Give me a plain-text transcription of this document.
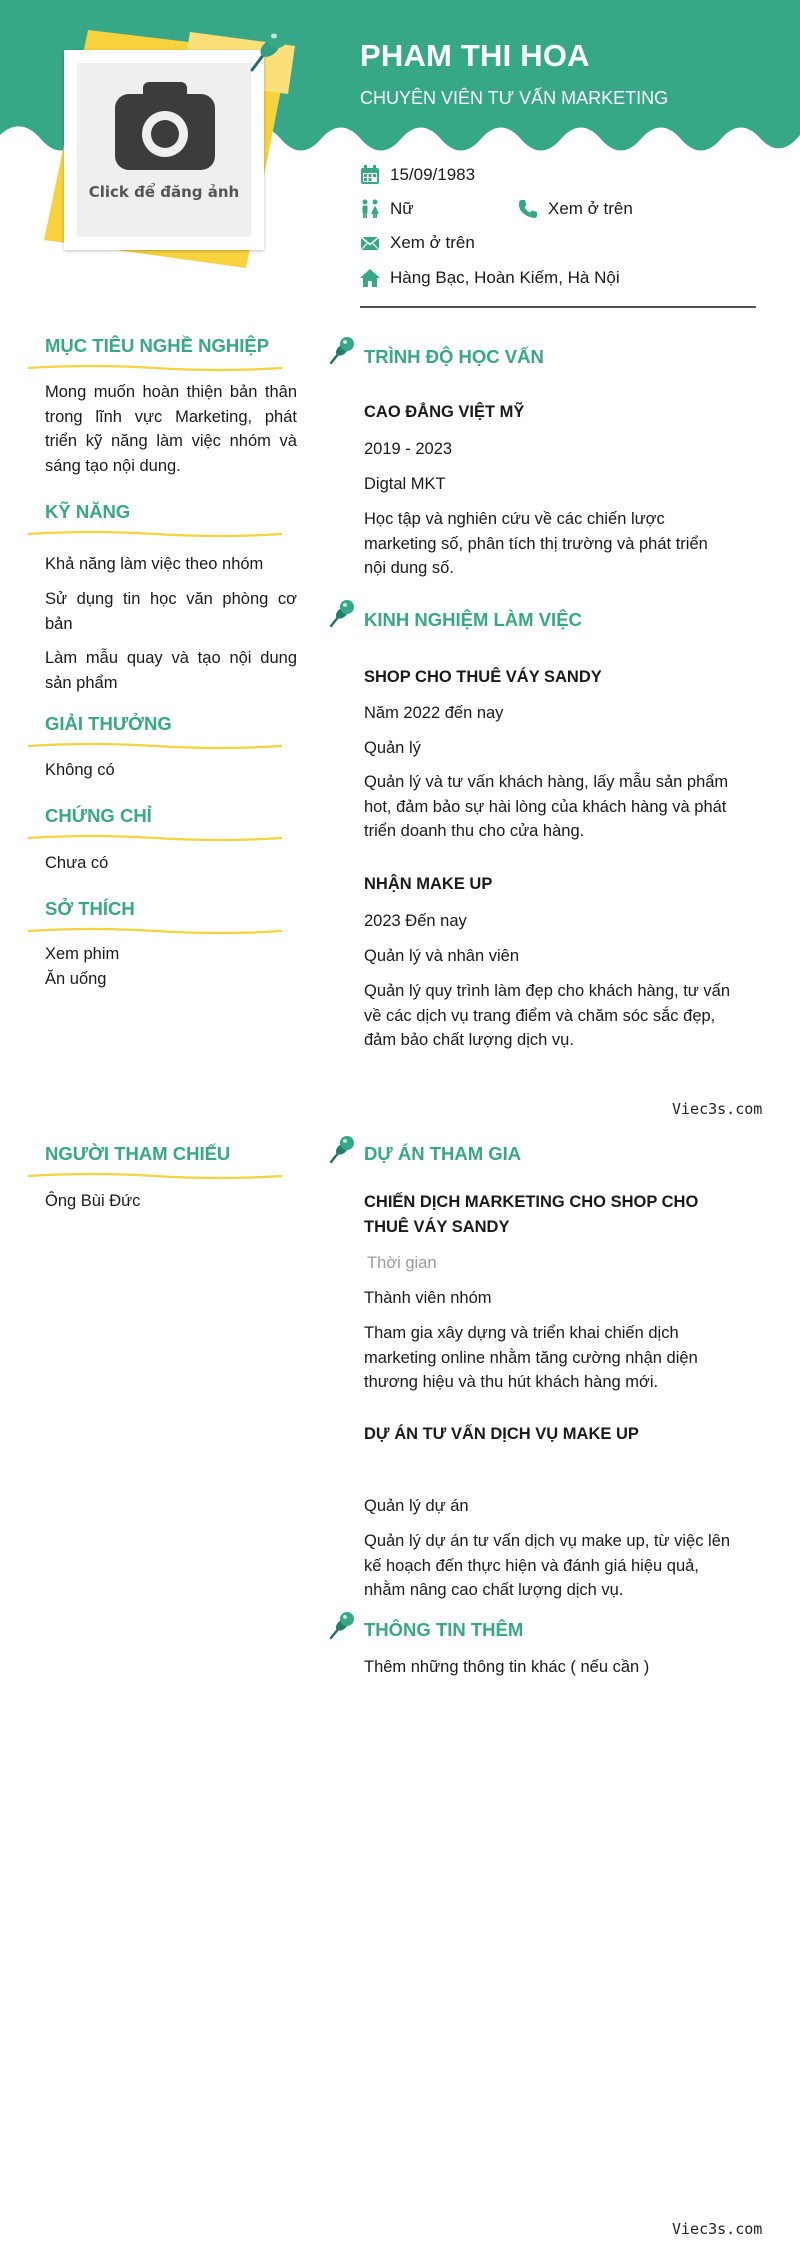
PHAM THI HOA
CHUYÊN VIÊN TƯ VẤN MARKETING
Click để đăng ảnh
15/09/1983
Nữ	Xem ở trên
Xem ở trên
Hàng Bạc, Hoàn Kiếm, Hà Nội
MỤC TIÊU NGHỀ NGHIỆP
Mong muốn hoàn thiện bản thân trong lĩnh vực Marketing, phát triển kỹ năng làm việc nhóm và sáng tạo nội dung.
KỸ NĂNG
Khả năng làm việc theo nhóm
Sử dụng tin học văn phòng cơ bản
Làm mẫu quay và tạo nội dung sản phẩm
GIẢI THƯỞNG
Không có
CHỨNG CHỈ
Chưa có
SỞ THÍCH
Xem phim
Ăn uống
NGƯỜI THAM CHIẾU
Ông Bùi Đức
TRÌNH ĐỘ HỌC VẤN
CAO ĐẲNG VIỆT MỸ
2019 - 2023
Digtal MKT
Học tập và nghiên cứu về các chiến lược marketing số, phân tích thị trường và phát triển nội dung số.
KINH NGHIỆM LÀM VIỆC
SHOP CHO THUÊ VÁY SANDY
Năm 2022 đến nay
Quản lý
Quản lý và tư vấn khách hàng, lấy mẫu sản phẩm hot, đảm bảo sự hài lòng của khách hàng và phát triển doanh thu cho cửa hàng.
NHẬN MAKE UP
2023 Đến nay
Quản lý và nhân viên
Quản lý quy trình làm đẹp cho khách hàng, tư vấn về các dịch vụ trang điểm và chăm sóc sắc đẹp, đảm bảo chất lượng dịch vụ.
Viec3s.com
DỰ ÁN THAM GIA
CHIẾN DỊCH MARKETING CHO SHOP CHO THUÊ VÁY SANDY
Thời gian
Thành viên nhóm
Tham gia xây dựng và triển khai chiến dịch marketing online nhằm tăng cường nhận diện thương hiệu và thu hút khách hàng mới.
DỰ ÁN TƯ VẤN DỊCH VỤ MAKE UP
Quản lý dự án
Quản lý dự án tư vấn dịch vụ make up, từ việc lên kế hoạch đến thực hiện và đánh giá hiệu quả, nhằm nâng cao chất lượng dịch vụ.
THÔNG TIN THÊM
Thêm những thông tin khác ( nếu cần )
Viec3s.com
